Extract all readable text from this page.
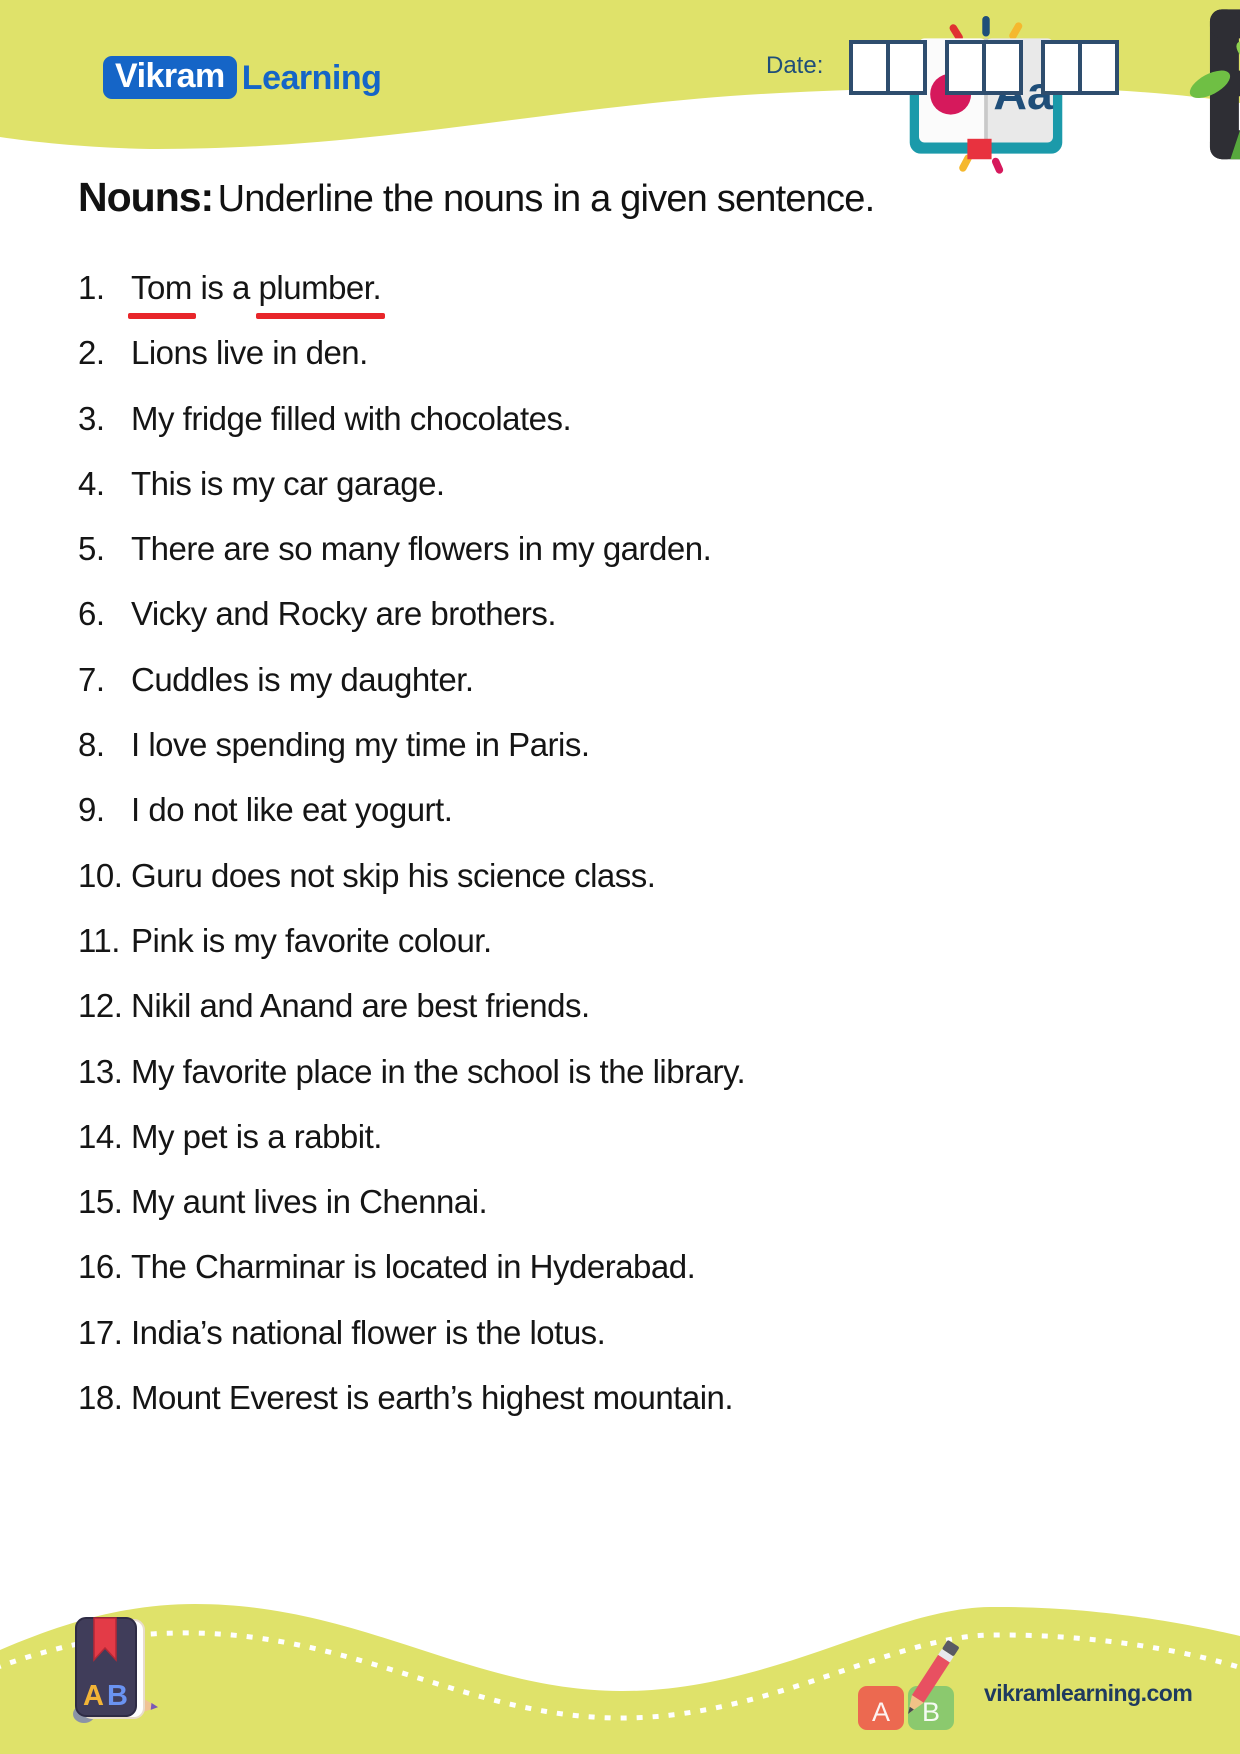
Vikram Learning	Date:
Nouns: Underline the nouns in a given sentence.
1. Tom is a plumber.
2. Lions live in den.
3. My fridge filled with chocolates.
4. This is my car garage.
5. There are so many flowers in my garden.
6. Vicky and Rocky are brothers.
7. Cuddles is my daughter.
8. I love spending my time in Paris.
9. I do not like eat yogurt.
10. Guru does not skip his science class.
11. Pink is my favorite colour.
12. Nikil and Anand are best friends.
13. My favorite place in the school is the library.
14. My pet is a rabbit.
15. My aunt lives in Chennai.
16. The Charminar is located in Hyderabad.
17. India’s national flower is the lotus.
18. Mount Everest is earth’s highest mountain.
A B	A B
vikramlearning.com
